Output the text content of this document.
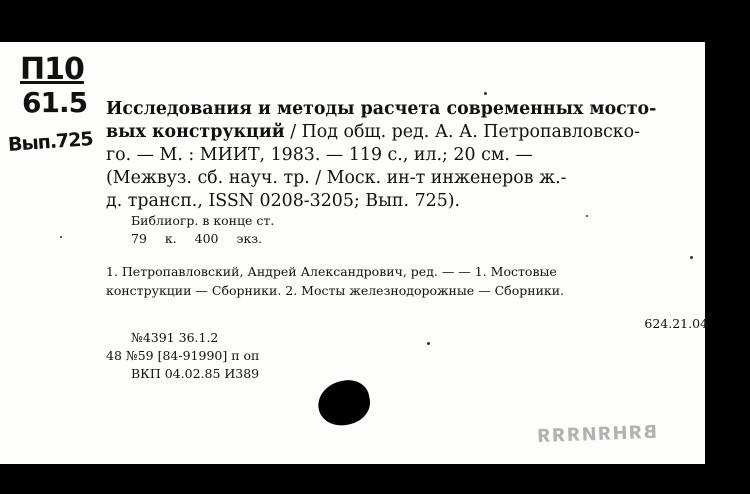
П10
61.5
Вып.725
Исследования и методы расчета современных мосто-
вых конструкций / Под общ. ред. А. А. Петропавловско-
го. — М. : МИИТ, 1983. — 119 с., ил.; 20 см. —
(Межвуз. сб. науч. тр. / Моск. ин-т инженеров ж.-
д. трансп., ISSN 0208-3205; Вып. 725).
Библиогр. в конце ст.
79 к. 400 экз.
1. Петропавловский, Андрей Александрович, ред. — — 1. Мостовые
конструкции — Сборники. 2. Мосты железнодорожные — Сборники.
624.21.04
№4391 36.1.2
48 №59 [84-91990] п оп
ВКП 04.02.85 И389
ВЯНЯИЯЯЯ
